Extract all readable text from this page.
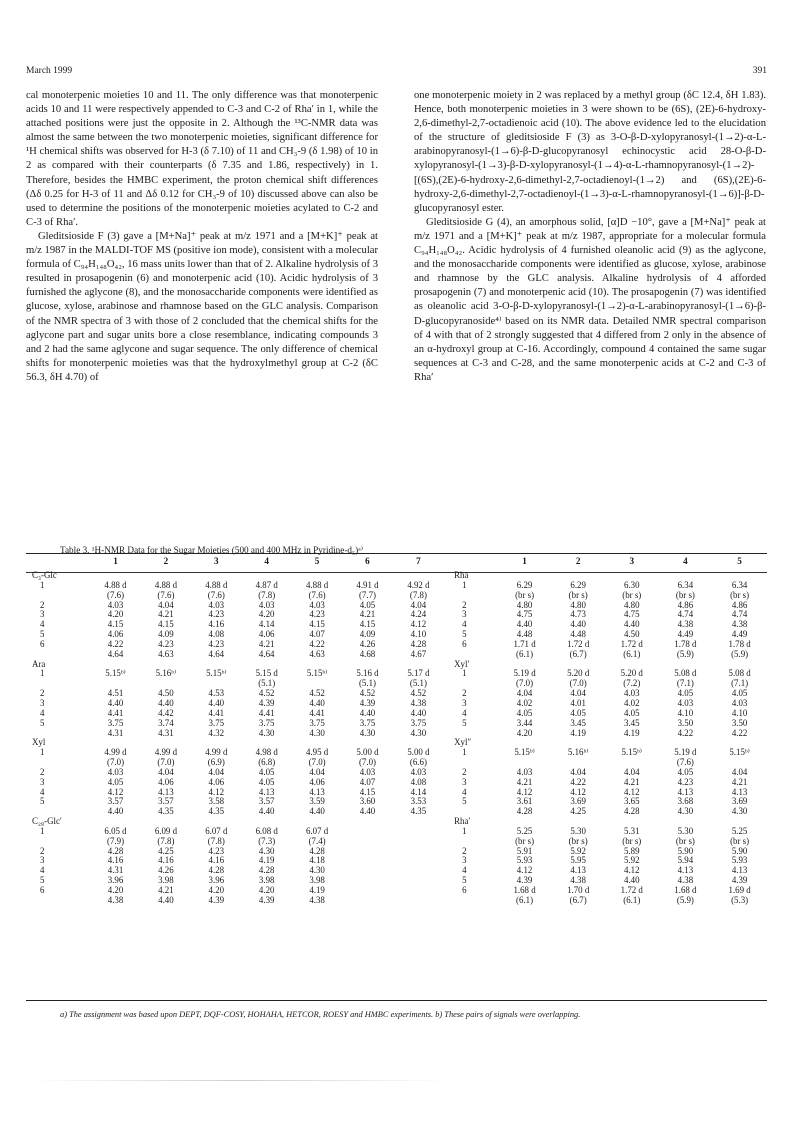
March 1999	391

cal monoterpenic moieties 10 and 11. The only difference was that monoterpenic acids 10 and 11 were respectively appended to C-3 and C-2 of Rha′ in 1, while the attached positions were just the opposite in 2. Although the ¹³C-NMR data was almost the same between the two monoterpenic moieties, significant difference for ¹H chemical shifts was observed for H-3 (δ 7.10) of 11 and CH₃-9 (δ 1.98) of 10 in 2 as compared with their counterparts (δ 7.35 and 1.86, respectively) in 1. Therefore, besides the HMBC experiment, the proton chemical shift differences (Δδ 0.25 for H-3 of 11 and Δδ 0.12 for CH₃-9 of 10) discussed above can also be used to determine the positions of the monoterpenic moieties acylated to C-2 and C-3 of Rha′.

Gleditsioside F (3) gave a [M+Na]⁺ peak at m/z 1971 and a [M+K]⁺ peak at m/z 1987 in the MALDI-TOF MS (positive ion mode), consistent with a molecular formula of C₉₄H₁₄₈O₄₂, 16 mass units lower than that of 2. Alkaline hydrolysis of 3 resulted in prosapogenin (6) and monoterpenic acid (10). Acidic hydrolysis of 3 furnished the aglycone (8), and the monosaccharide components were identified as glucose, xylose, arabinose and rhamnose based on the GLC analysis. Comparison of the NMR spectra of 3 with those of 2 concluded that the chemical shifts for the aglycone part and sugar units bore a close resemblance, indicating compounds 3 and 2 had the same aglycone and sugar sequence. The only difference of chemical shifts for monoterpenic moieties was that the hydroxylmethyl group at C-2 (δC 56.3, δH 4.70) of

one monoterpenic moiety in 2 was replaced by a methyl group (δC 12.4, δH 1.83). Hence, both monoterpenic moieties in 3 were shown to be (6S), (2E)-6-hydroxy-2,6-dimethyl-2,7-octadienoic acid (10). The above evidence led to the elucidation of the structure of gleditsioside F (3) as 3-O-β-D-xylopyranosyl-(1→2)-α-L-arabinopyranosyl-(1→6)-β-D-glucopyranosyl echinocystic acid 28-O-β-D-xylopyranosyl-(1→3)-β-D-xylopyranosyl-(1→4)-α-L-rhamnopyranosyl-(1→2)-[(6S),(2E)-6-hydroxy-2,6-dimethyl-2,7-octadienoyl-(1→2) and (6S),(2E)-6-hydroxy-2,6-dimethyl-2,7-octadienoyl-(1→3)-α-L-rhamnopyranosyl-(1→6)]-β-D-glucopyranosyl ester.

Gleditsioside G (4), an amorphous solid, [α]D −10°, gave a [M+Na]⁺ peak at m/z 1971 and a [M+K]⁺ peak at m/z 1987, appropriate for a molecular formula C₉₄H₁₄₈O₄₂. Acidic hydrolysis of 4 furnished oleanolic acid (9) as the aglycone, and the monosaccharide components were identified as glucose, xylose, arabinose and rhamnose by the GLC analysis. Alkaline hydrolysis of 4 afforded prosapogenin (7) and monoterpenic acid (10). The prosapogenin (7) was identified as oleanolic acid 3-O-β-D-xylopyranosyl-(1→2)-α-L-arabinopyranosyl-(1→6)-β-D-glucopyranoside⁴⁾ based on its NMR data. Detailed NMR spectral comparison of 4 with that of 2 strongly suggested that 4 differed from 2 only in the absence of an α-hydroxyl group at C-16. Accordingly, compound 4 contained the same sugar sequences at C-3 and C-28, and the same monoterpenic acids at C-2 and C-3 of Rha′

Table 3. ¹H-NMR Data for the Sugar Moieties (500 and 400 MHz in Pyridine-d₅)ᵃ⁾
	1	2	3	4	5	6	7		1	2	3	4	5
C₃-Glc								Rha					
1	4.88 d	4.88 d	4.88 d	4.87 d	4.88 d	4.91 d	4.92 d	1	6.29	6.29	6.30	6.34	6.34
	(7.6)	(7.6)	(7.6)	(7.8)	(7.6)	(7.7)	(7.8)		(br s)	(br s)	(br s)	(br s)	(br s)
2	4.03	4.04	4.03	4.03	4.03	4.05	4.04	2	4.80	4.80	4.80	4.86	4.86
3	4.20	4.21	4.23	4.20	4.23	4.21	4.24	3	4.75	4.73	4.75	4.74	4.74
4	4.15	4.15	4.16	4.14	4.15	4.15	4.12	4	4.40	4.40	4.40	4.38	4.38
5	4.06	4.09	4.08	4.06	4.07	4.09	4.10	5	4.48	4.48	4.50	4.49	4.49
6	4.22	4.23	4.23	4.21	4.22	4.26	4.28	6	1.71 d	1.72 d	1.72 d	1.78 d	1.78 d
	4.64	4.63	4.64	4.64	4.63	4.68	4.67		(6.1)	(6.7)	(6.1)	(5.9)	(5.9)
Ara								Xyl′					
1	5.15ᵇ⁾	5.16ᵇ⁾	5.15ᵇ⁾	5.15 d	5.15ᵇ⁾	5.16 d	5.17 d	1	5.19 d	5.20 d	5.20 d	5.08 d	5.08 d
				(5.1)		(5.1)	(5.1)		(7.0)	(7.0)	(7.2)	(7.1)	(7.1)
2	4.51	4.50	4.53	4.52	4.52	4.52	4.52	2	4.04	4.04	4.03	4.05	4.05
3	4.40	4.40	4.40	4.39	4.40	4.39	4.38	3	4.02	4.01	4.02	4.03	4.03
4	4.41	4.42	4.41	4.41	4.41	4.40	4.40	4	4.05	4.05	4.05	4.10	4.10
5	3.75	3.74	3.75	3.75	3.75	3.75	3.75	5	3.44	3.45	3.45	3.50	3.50
	4.31	4.31	4.32	4.30	4.30	4.30	4.30		4.20	4.19	4.19	4.22	4.22
Xyl								Xyl″					
1	4.99 d	4.99 d	4.99 d	4.98 d	4.95 d	5.00 d	5.00 d	1	5.15ᵇ⁾	5.16ᵇ⁾	5.15ᵇ⁾	5.19 d	5.15ᵇ⁾
	(7.0)	(7.0)	(6.9)	(6.8)	(7.0)	(7.0)	(6.6)					(7.6)	
2	4.03	4.04	4.04	4.05	4.04	4.03	4.03	2	4.03	4.04	4.04	4.05	4.04
3	4.05	4.06	4.06	4.05	4.06	4.07	4.08	3	4.21	4.22	4.21	4.23	4.21
4	4.12	4.13	4.12	4.13	4.13	4.15	4.14	4	4.12	4.12	4.12	4.13	4.13
5	3.57	3.57	3.58	3.57	3.59	3.60	3.53	5	3.61	3.69	3.65	3.68	3.69
	4.40	4.35	4.35	4.40	4.40	4.40	4.35		4.28	4.25	4.28	4.30	4.30
C₂₈-Glc′								Rha′					
1	6.05 d	6.09 d	6.07 d	6.08 d	6.07 d			1	5.25	5.30	5.31	5.30	5.25
	(7.9)	(7.8)	(7.8)	(7.3)	(7.4)				(br s)	(br s)	(br s)	(br s)	(br s)
2	4.28	4.25	4.23	4.30	4.28			2	5.91	5.92	5.89	5.90	5.90
3	4.16	4.16	4.16	4.19	4.18			3	5.93	5.95	5.92	5.94	5.93
4	4.31	4.26	4.28	4.28	4.30			4	4.12	4.13	4.12	4.13	4.13
5	3.96	3.98	3.96	3.98	3.98			5	4.39	4.38	4.40	4.38	4.39
6	4.20	4.21	4.20	4.20	4.19			6	1.68 d	1.70 d	1.72 d	1.68 d	1.69 d
	4.38	4.40	4.39	4.39	4.38				(6.1)	(6.7)	(6.1)	(5.9)	(5.3)
a) The assignment was based upon DEPT, DQF-COSY, HOHAHA, HETCOR, ROESY and HMBC experiments. b) These pairs of signals were overlapping.
